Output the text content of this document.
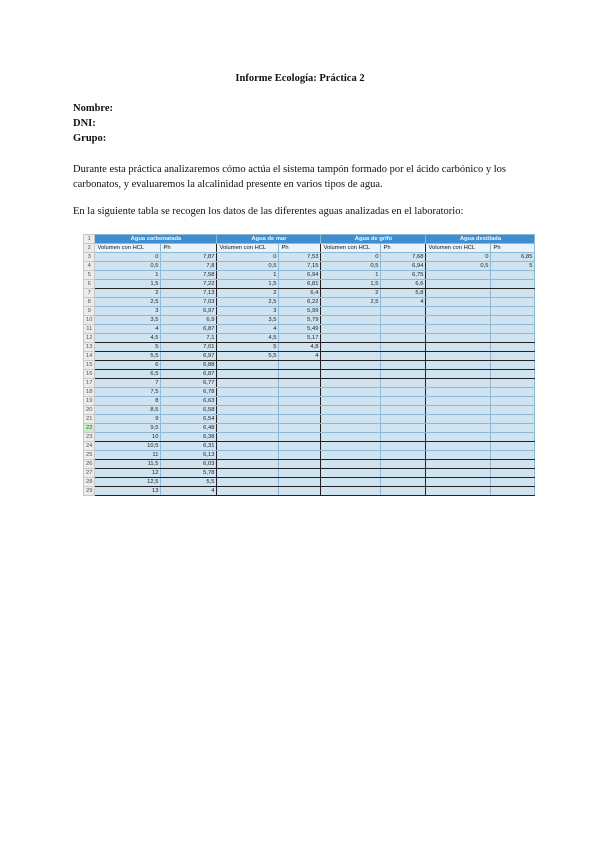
Informe Ecología: Práctica 2
Nombre:
DNI:
Grupo:
Durante esta práctica analizaremos cómo actúa el sistema tampón formado por el ácido carbónico y los carbonatos, y evaluaremos la alcalinidad presente en varios tipos de agua.
En la siguiente tabla se recogen los datos de las diferentes aguas analizadas en el laboratorio:
1	Agua carbonatada		Agua de mar		Agua de grifo		Agua destilada	
2	Volumen con HCL	Ph	Volumen con HCL	Ph	Volumen con HCL	Ph	Volumen con HCL	Ph
3	0	7,87	0	7,53	0	7,68	0	6,85
4	0,5	7,8	0,5	7,15	0,5	6,94	0,5	5
5	1	7,58	1	6,94	1	6,75		
6	1,5	7,22	1,5	6,81	1,5	6,6		
7	2	7,13	2	6,4	2	5,8		
8	2,5	7,03	2,5	6,22	2,5	4		
9	3	6,97	3	5,99				
10	3,5	6,9	3,5	5,79				
11	4	6,87	4	5,49				
12	4,5	7,1	4,5	5,17				
13	5	7,01	5	4,8				
14	5,5	6,97	5,5	4				
15	6	6,88						
16	6,5	6,87						
17	7	6,77						
18	7,5	6,78						
19	8	6,63						
20	8,5	6,58						
21	9	6,54						
22	9,5	6,48						
23	10	6,38						
24	10,5	6,31						
25	11	6,13						
26	11,5	6,03						
27	12	5,78						
28	12,5	5,5						
29	13	4						
